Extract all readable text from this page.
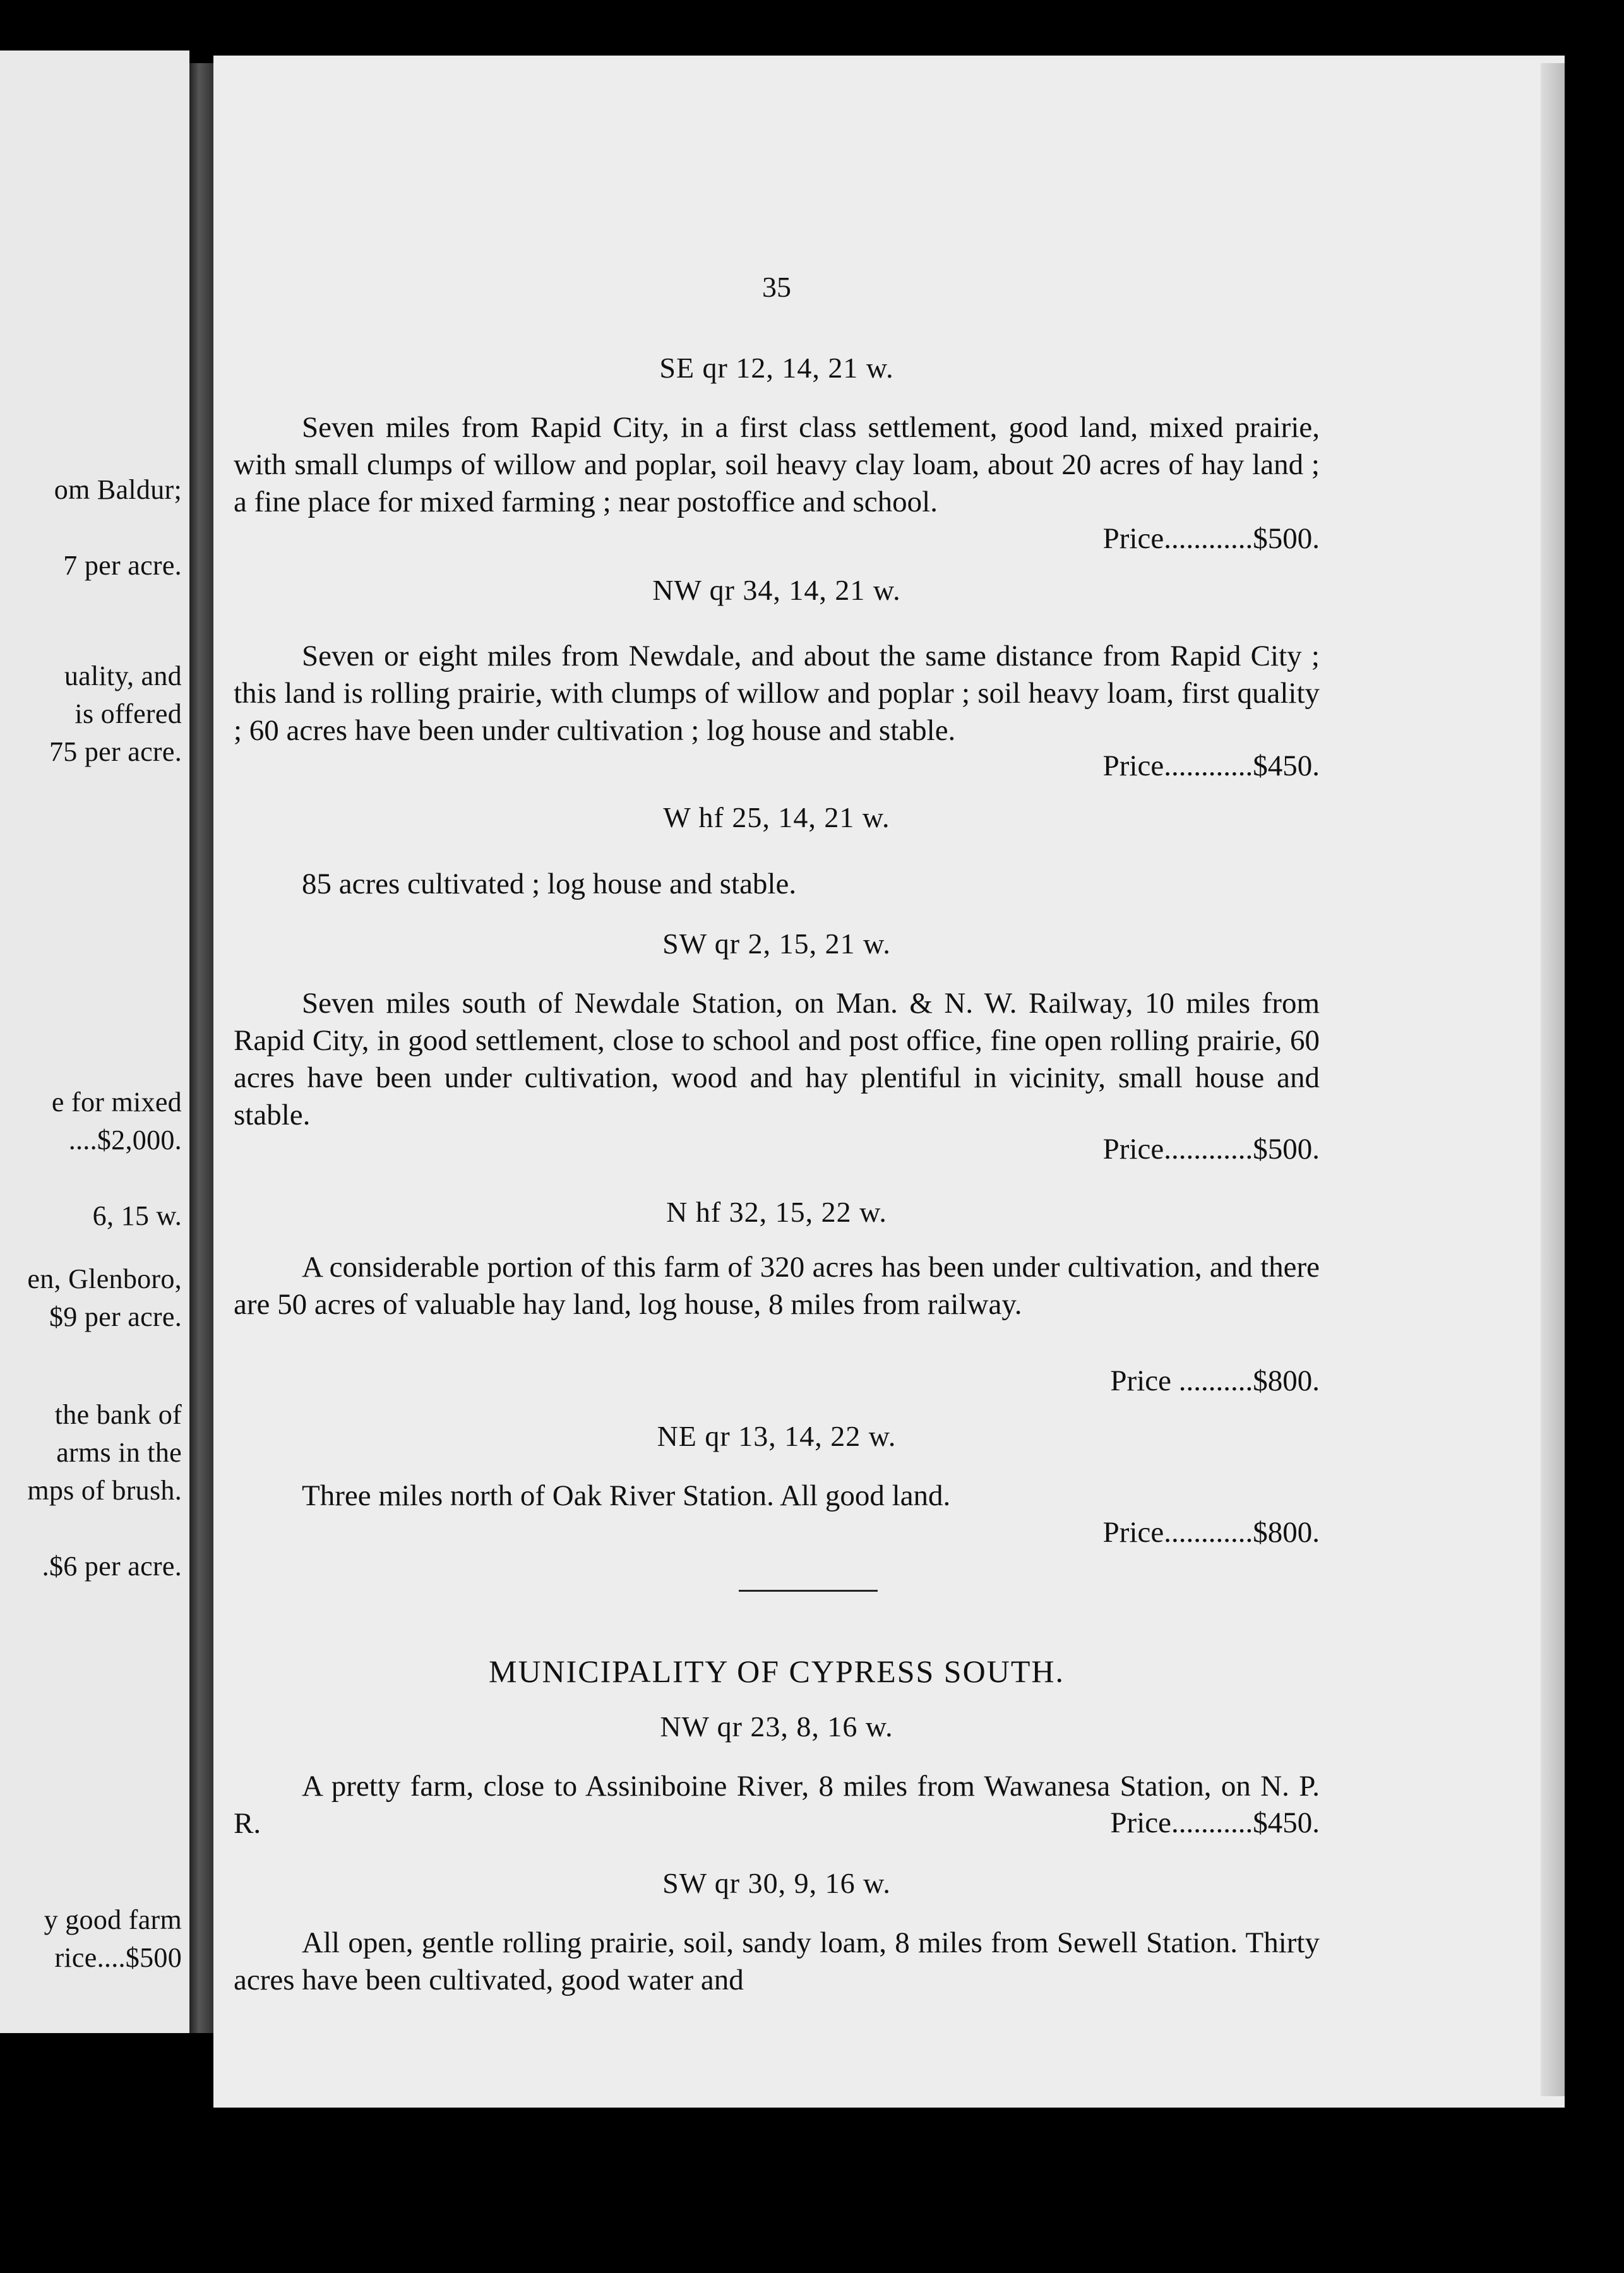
om Baldur;
7 per acre.
uality, and
is offered
75 per acre.
e for mixed
....$2,000.
6, 15 w.
en, Glenboro,
$9 per acre.
the bank of
arms in the
mps of brush.
.$6 per acre.
y good farm
rice....$500
35
SE qr 12, 14, 21 w.

Seven miles from Rapid City, in a first class settlement, good land, mixed prairie, with small clumps of willow and poplar, soil heavy clay loam, about 20 acres of hay land ; a fine place for mixed farming ; near postoffice and school.

Price............$500.
NW qr 34, 14, 21 w.

Seven or eight miles from Newdale, and about the same distance from Rapid City ; this land is rolling prairie, with clumps of willow and poplar ; soil heavy loam, first quality ; 60 acres have been under cultivation ; log house and stable.

Price............$450.
W hf 25, 14, 21 w.

85 acres cultivated ; log house and stable.

SW qr 2, 15, 21 w.

Seven miles south of Newdale Station, on Man. & N. W. Railway, 10 miles from Rapid City, in good settlement, close to school and post office, fine open rolling prairie, 60 acres have been under cultivation, wood and hay plentiful in vicinity, small house and stable.

Price............$500.
N hf 32, 15, 22 w.

A considerable portion of this farm of 320 acres has been under cultivation, and there are 50 acres of valuable hay land, log house, 8 miles from railway.

Price ..........$800.
NE qr 13, 14, 22 w.

Three miles north of Oak River Station. All good land.

Price............$800.
MUNICIPALITY OF CYPRESS SOUTH.
NW qr 23, 8, 16 w.

A pretty farm, close to Assiniboine River, 8 miles from Wawanesa Station, on N. P. R.	Price...........$450.
SW qr 30, 9, 16 w.

All open, gentle rolling prairie, soil, sandy loam, 8 miles from Sewell Station. Thirty acres have been cultivated, good water and
